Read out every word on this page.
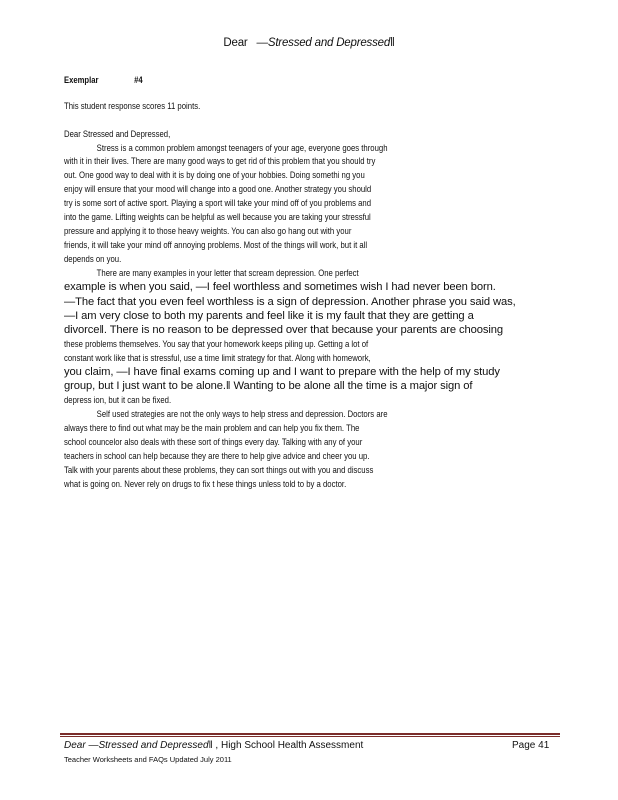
Dear ―Stressed and Depressed‖
Exemplar	#4
This student response scores 11 points.
Dear Stressed and Depressed,
Stress is a common problem amongst teenagers of your age, everyone goes through
with it in their lives. There are many good ways to get rid of this problem that you should try
out. One good way to deal with it is by doing one of your hobbies. Doing somethi ng you
enjoy will ensure that your mood will change into a good one. Another strategy you should
try is some sort of active sport. Playing a sport will take your mind off of you problems and
into the game. Lifting weights can be helpful as well because you are taking your stressful
pressure and applying it to those heavy weights. You can also go hang out with your
friends, it will take your mind off annoying problems. Most of the things will work, but it all
depends on you.
There are many examples in your letter that scream depression. One perfect
example is when you said, ―I feel worthless and sometimes wish I had never been born.
―The fact that you even feel worthless is a sign of depression. Another phrase you said was,
―I am very close to both my parents and feel like it is my fault that they are getting a
divorce‖. There is no reason to be depressed over that because your parents are choosing
these problems themselves. You say that your homework keeps piling up. Getting a lot of
constant work like that is stressful, use a time limit strategy for that. Along with homework,
you claim, ―I have final exams coming up and I want to prepare with the help of my study
group, but I just want to be alone.‖ Wanting to be alone all the time is a major sign of
depress ion, but it can be fixed.
Self used strategies are not the only ways to help stress and depression. Doctors are
always there to find out what may be the main problem and can help you fix them. The
school councelor also deals with these sort of things every day. Talking with any of your
teachers in school can help because they are there to help give advice and cheer you up.
Talk with your parents about these problems, they can sort things out with you and discuss
what is going on. Never rely on drugs to fix t hese things unless told to by a doctor.
Dear ―Stressed and Depressed‖ , High School Health Assessment	Page 41
Teacher Worksheets and FAQs Updated July 2011
